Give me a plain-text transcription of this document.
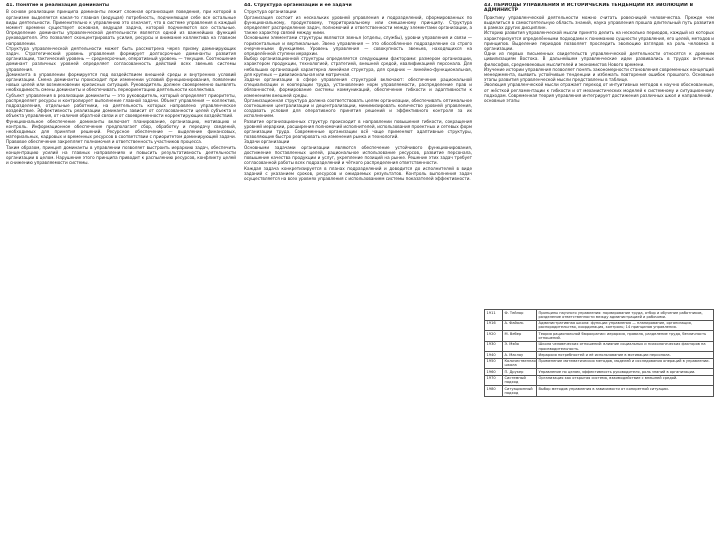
41. Понятие и реализация доминанты

В основе реализации принципа доминанты лежит сложная организация поведения, при которой в организме выделяется какая-то главная (ведущая) потребность, подчиняющая себе все остальные виды деятельности. Применительно к управлению это означает, что в системе управления в каждый момент времени существует основная, ведущая задача, которой подчиняются все остальные. Определение доминанты управленческой деятельности является одной из важнейших функций руководителя. Это позволяет сконцентрировать усилия, ресурсы и внимание коллектива на главном направлении.

Структура управленческой деятельности может быть рассмотрена через призму доминирующих задач. Стратегический уровень управления формирует долгосрочные доминанты развития организации, тактический уровень — среднесрочные, оперативный уровень — текущие. Соотношение доминант различных уровней определяет согласованность действий всех звеньев системы управления.

Доминанта в управлении формируется под воздействием внешней среды и внутренних условий организации. Смена доминанты происходит при изменении условий функционирования, появлении новых целей или возникновении кризисных ситуаций. Руководитель должен своевременно выявлять необходимость смены доминанты и обеспечивать переориентацию деятельности коллектива.

Субъект управления в реализации доминанты — это руководитель, который определяет приоритеты, распределяет ресурсы и контролирует выполнение главной задачи. Объект управления — коллектив, подразделения, отдельные работники, на деятельность которых направлено управленческое воздействие. Эффективность реализации доминанты зависит от согласованности целей субъекта и объекта управления, от наличия обратной связи и от своевременности корректирующих воздействий.

Функциональное обеспечение доминанты включает планирование, организацию, мотивацию и контроль. Информационное обеспечение предполагает сбор, обработку и передачу сведений, необходимых для принятия решений. Ресурсное обеспечение — выделение финансовых, материальных, кадровых и временных ресурсов в соответствии с приоритетом доминирующей задачи. Правовое обеспечение закрепляет полномочия и ответственность участников процесса.

Таким образом, принцип доминанты в управлении позволяет выстроить иерархию задач, обеспечить концентрацию усилий на главных направлениях и повысить результативность деятельности организации в целом. Нарушение этого принципа приводит к распылению ресурсов, конфликту целей и снижению управляемости системы.

44. Структура организации и её задачи

Структура организации

Организация состоит из нескольких уровней управления и подразделений, сформированных по функциональному, продуктовому, территориальному или смешанному принципу. Структура определяет распределение задач, полномочий и ответственности между элементами организации, а также характер связей между ними.

Основными элементами структуры являются звенья (отделы, службы), уровни управления и связи — горизонтальные и вертикальные. Звено управления — это обособленное подразделение со строго очерченными функциями. Уровень управления — совокупность звеньев, находящихся на определённой ступени иерархии.

Выбор организационной структуры определяется следующими факторами: размером организации, характером продукции, технологией, стратегией, внешней средой, квалификацией персонала. Для небольших организаций характерна линейная структура, для средних — линейно-функциональная, для крупных — дивизиональная или матричная.

Задачи организации в сфере управления структурой включают: обеспечение рациональной специализации и кооперации труда, установление норм управляемости, распределение прав и обязанностей, формирование системы коммуникаций, обеспечение гибкости и адаптивности к изменениям внешней среды.

Организационная структура должна соответствовать целям организации, обеспечивать оптимальное соотношение централизации и децентрализации, минимизировать количество уровней управления, создавать условия для оперативного принятия решений и эффективного контроля за их исполнением.

Развитие организационных структур происходит в направлении повышения гибкости, сокращения уровней иерархии, расширения полномочий исполнителей, использования проектных и сетевых форм организации труда. Современные организации всё чаще применяют адаптивные структуры, позволяющие быстро реагировать на изменения рынка и технологий.

Задачи организации

Основными задачами организации являются обеспечение устойчивого функционирования, достижение поставленных целей, рациональное использование ресурсов, развитие персонала, повышение качества продукции и услуг, укрепление позиций на рынке. Решение этих задач требует согласованной работы всех подразделений и чёткого распределения ответственности.

Каждая задача конкретизируется в планах подразделений и доводится до исполнителей в виде заданий с указанием сроков, ресурсов и ожидаемых результатов. Контроль выполнения задач осуществляется на всех уровнях управления с использованием системы показателей эффективности.

43. ПЕРИОДЫ УПРАВЛЕНИЯ И ИСТОРИЧЕСКИЕ ТЕНДЕНЦИИ ИХ ЭВОЛЮЦИИ В АДМИНИСТР

Практику управленческой деятельности можно считать ровесницей человечества. Прежде чем выделиться в самостоятельную область знаний, наука управления прошла длительный путь развития в рамках других дисциплин.

Историю развития управленческой мысли принято делить на несколько периодов, каждый из которых характеризуется определёнными подходами к пониманию сущности управления, его целей, методов и принципов. Выделение периодов позволяет проследить эволюцию взглядов на роль человека в организации.

Одни из первых письменных свидетельств управленческой деятельности относятся к древним цивилизациям Востока. В дальнейшем управленческие идеи развивались в трудах античных философов, средневековых мыслителей и экономистов Нового времени.

Изучение истории управления позволяет понять закономерности становления современных концепций менеджмента, выявить устойчивые тенденции и избежать повторения ошибок прошлого. Основные этапы развития управленческой мысли представлены в таблице.

Эволюция управленческой мысли отражает переход от интуитивных методов к научно обоснованным, от жёсткой регламентации к гибкости и от механистических моделей к системному и ситуационному подходам. Современная теория управления интегрирует достижения различных школ и направлений.

основные этапы

1911	Ф. Тейлор	Принципы научного управления: нормирование труда, отбор и обучение работников, разделение ответственности между администрацией и рабочими.
1916	А. Файоль	Административная школа: функции управления — планирование, организация, распорядительство, координация, контроль; 14 принципов управления.
1920	М. Вебер	Теория рациональной бюрократии: иерархия, правила, разделение труда, безличность отношений.
1930	Э. Мэйо	Школа человеческих отношений: влияние социальных и психологических факторов на производительность.
1940	А. Маслоу	Иерархия потребностей и её использование в мотивации персонала.
1950	Количественная школа	Применение математических методов, моделей и исследования операций в управлении.
1960	П. Друкер	Управление по целям, эффективность руководителя, роль знаний в организации.
1970	Системный подход	Организация как открытая система, взаимодействие с внешней средой.
1980	Ситуационный подход	Выбор методов управления в зависимости от конкретной ситуации.
